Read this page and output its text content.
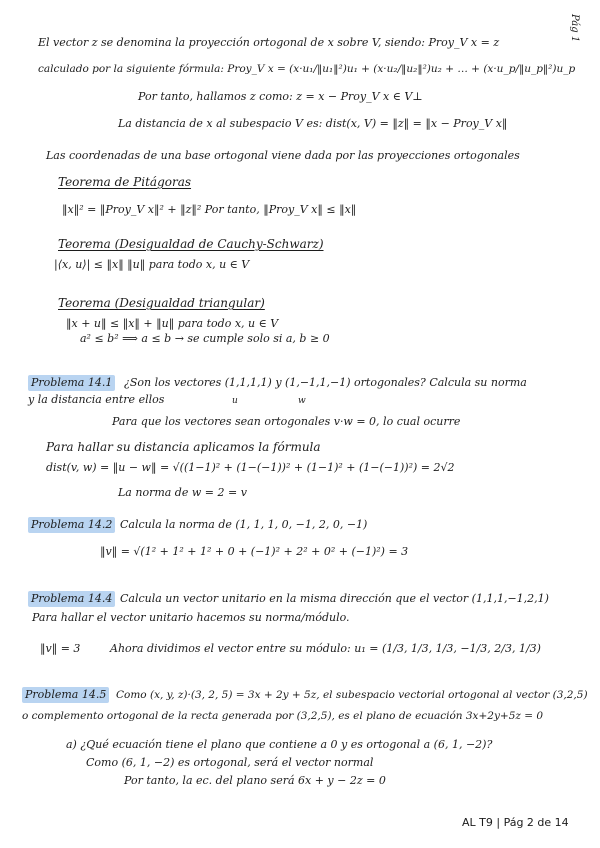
Pág 1
El vector z se denomina la proyección ortogonal de x sobre V, siendo: Proy_V x = z
calculado por la siguiente fórmula: Proy_V x = (x·u₁/‖u₁‖²)u₁ + (x·u₂/‖u₂‖²)u₂ + … + (x·u_p/‖u_p‖²)u_p
Por tanto, hallamos z como: z = x − Proy_V x ∈ V⊥
La distancia de x al subespacio V es: dist(x, V) = ‖z‖ = ‖x − Proy_V x‖
Las coordenadas de una base ortogonal viene dada por las proyecciones ortogonales
Teorema de Pitágoras
‖x‖² = ‖Proy_V x‖² + ‖z‖² Por tanto, ‖Proy_V x‖ ≤ ‖x‖
Teorema (Desigualdad de Cauchy-Schwarz)
|⟨x, u⟩| ≤ ‖x‖ ‖u‖ para todo x, u ∈ V
Teorema (Desigualdad triangular)
‖x + u‖ ≤ ‖x‖ + ‖u‖ para todo x, u ∈ V
a² ≤ b² ⟹ a ≤ b → se cumple solo si a, b ≥ 0
Problema 14.1 ¿Son los vectores (1,1,1,1) y (1,−1,1,−1) ortogonales? Calcula su norma
y la distancia entre ellos	u	w
Para que los vectores sean ortogonales v·w = 0, lo cual ocurre
Para hallar su distancia aplicamos la fórmula
dist(v, w) = ‖u − w‖ = √((1−1)² + (1−(−1))² + (1−1)² + (1−(−1))²) = 2√2
La norma de w = 2 = v
Problema 14.2 Calcula la norma de (1, 1, 1, 0, −1, 2, 0, −1)
‖v‖ = √(1² + 1² + 1² + 0 + (−1)² + 2² + 0² + (−1)²) = 3
Problema 14.4 Calcula un vector unitario en la misma dirección que el vector (1,1,1,−1,2,1)
Para hallar el vector unitario hacemos su norma/módulo.
‖v‖ = 3	Ahora dividimos el vector entre su módulo: u₁ = (1/3, 1/3, 1/3, −1/3, 2/3, 1/3)
Problema 14.5 Como (x, y, z)·(3, 2, 5) = 3x + 2y + 5z, el subespacio vectorial ortogonal al vector (3,2,5)
o complemento ortogonal de la recta generada por (3,2,5), es el plano de ecuación 3x+2y+5z = 0
a) ¿Qué ecuación tiene el plano que contiene a 0 y es ortogonal a (6, 1, −2)?
Como (6, 1, −2) es ortogonal, será el vector normal
Por tanto, la ec. del plano será 6x + y − 2z = 0
AL T9 | Pág 2 de 14
